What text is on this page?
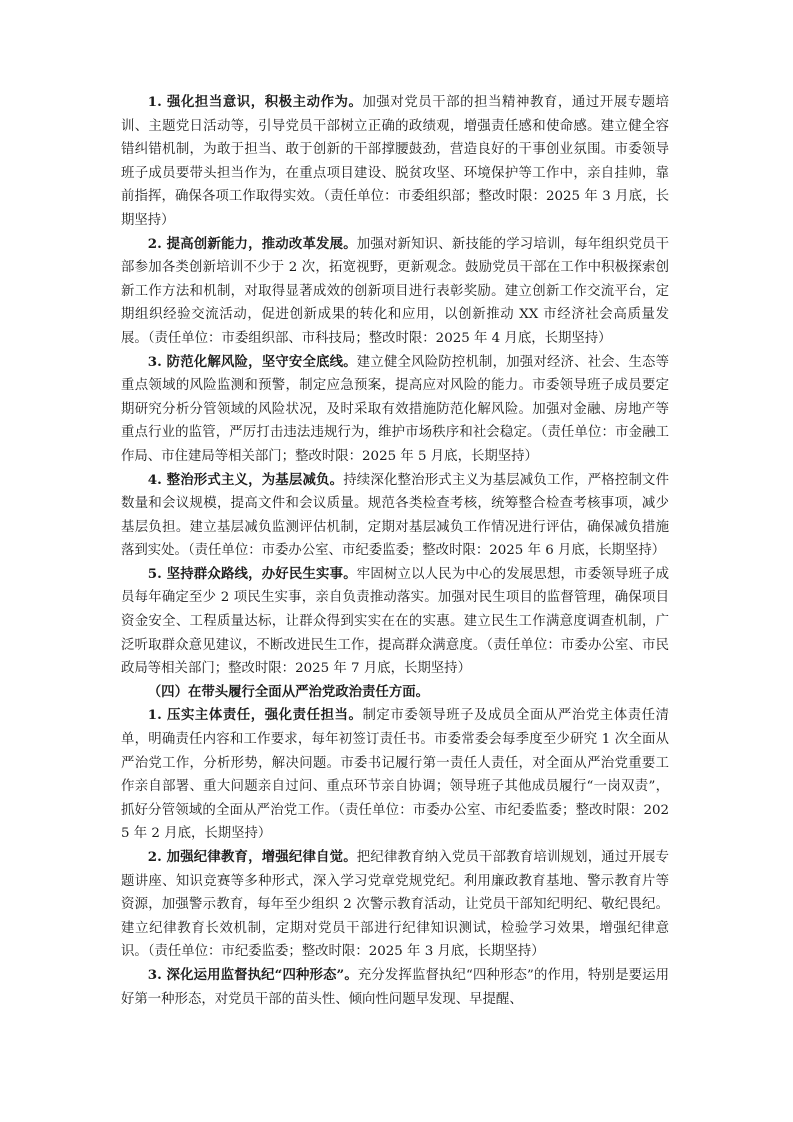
1. 强化担当意识，积极主动作为。加强对党员干部的担当精神教育，通过开展专题培训、主题党日活动等，引导党员干部树立正确的政绩观，增强责任感和使命感。建立健全容错纠错机制，为敢于担当、敢于创新的干部撑腰鼓劲，营造良好的干事创业氛围。市委领导班子成员要带头担当作为，在重点项目建设、脱贫攻坚、环境保护等工作中，亲自挂帅，靠前指挥，确保各项工作取得实效。（责任单位：市委组织部；整改时限：2025 年 3 月底，长期坚持）

2. 提高创新能力，推动改革发展。加强对新知识、新技能的学习培训，每年组织党员干部参加各类创新培训不少于 2 次，拓宽视野，更新观念。鼓励党员干部在工作中积极探索创新工作方法和机制，对取得显著成效的创新项目进行表彰奖励。建立创新工作交流平台，定期组织经验交流活动，促进创新成果的转化和应用，以创新推动 XX 市经济社会高质量发展。（责任单位：市委组织部、市科技局；整改时限：2025 年 4 月底，长期坚持）

3. 防范化解风险，坚守安全底线。建立健全风险防控机制，加强对经济、社会、生态等重点领域的风险监测和预警，制定应急预案，提高应对风险的能力。市委领导班子成员要定期研究分析分管领域的风险状况，及时采取有效措施防范化解风险。加强对金融、房地产等重点行业的监管，严厉打击违法违规行为，维护市场秩序和社会稳定。（责任单位：市金融工作局、市住建局等相关部门；整改时限：2025 年 5 月底，长期坚持）

4. 整治形式主义，为基层减负。持续深化整治形式主义为基层减负工作，严格控制文件数量和会议规模，提高文件和会议质量。规范各类检查考核，统筹整合检查考核事项，减少基层负担。建立基层减负监测评估机制，定期对基层减负工作情况进行评估，确保减负措施落到实处。（责任单位：市委办公室、市纪委监委；整改时限：2025 年 6 月底，长期坚持）

5. 坚持群众路线，办好民生实事。牢固树立以人民为中心的发展思想，市委领导班子成员每年确定至少 2 项民生实事，亲自负责推动落实。加强对民生项目的监督管理，确保项目资金安全、工程质量达标，让群众得到实实在在的实惠。建立民生工作满意度调查机制，广泛听取群众意见建议，不断改进民生工作，提高群众满意度。（责任单位：市委办公室、市民政局等相关部门；整改时限：2025 年 7 月底，长期坚持）

（四）在带头履行全面从严治党政治责任方面。

1. 压实主体责任，强化责任担当。制定市委领导班子及成员全面从严治党主体责任清单，明确责任内容和工作要求，每年初签订责任书。市委常委会每季度至少研究 1 次全面从严治党工作，分析形势，解决问题。市委书记履行第一责任人责任，对全面从严治党重要工作亲自部署、重大问题亲自过问、重点环节亲自协调；领导班子其他成员履行“一岗双责”，抓好分管领域的全面从严治党工作。（责任单位：市委办公室、市纪委监委；整改时限：2025 年 2 月底，长期坚持）

2. 加强纪律教育，增强纪律自觉。把纪律教育纳入党员干部教育培训规划，通过开展专题讲座、知识竞赛等多种形式，深入学习党章党规党纪。利用廉政教育基地、警示教育片等资源，加强警示教育，每年至少组织 2 次警示教育活动，让党员干部知纪明纪、敬纪畏纪。建立纪律教育长效机制，定期对党员干部进行纪律知识测试，检验学习效果，增强纪律意识。（责任单位：市纪委监委；整改时限：2025 年 3 月底，长期坚持）

3. 深化运用监督执纪“四种形态”。充分发挥监督执纪“四种形态”的作用，特别是要运用好第一种形态，对党员干部的苗头性、倾向性问题早发现、早提醒、
